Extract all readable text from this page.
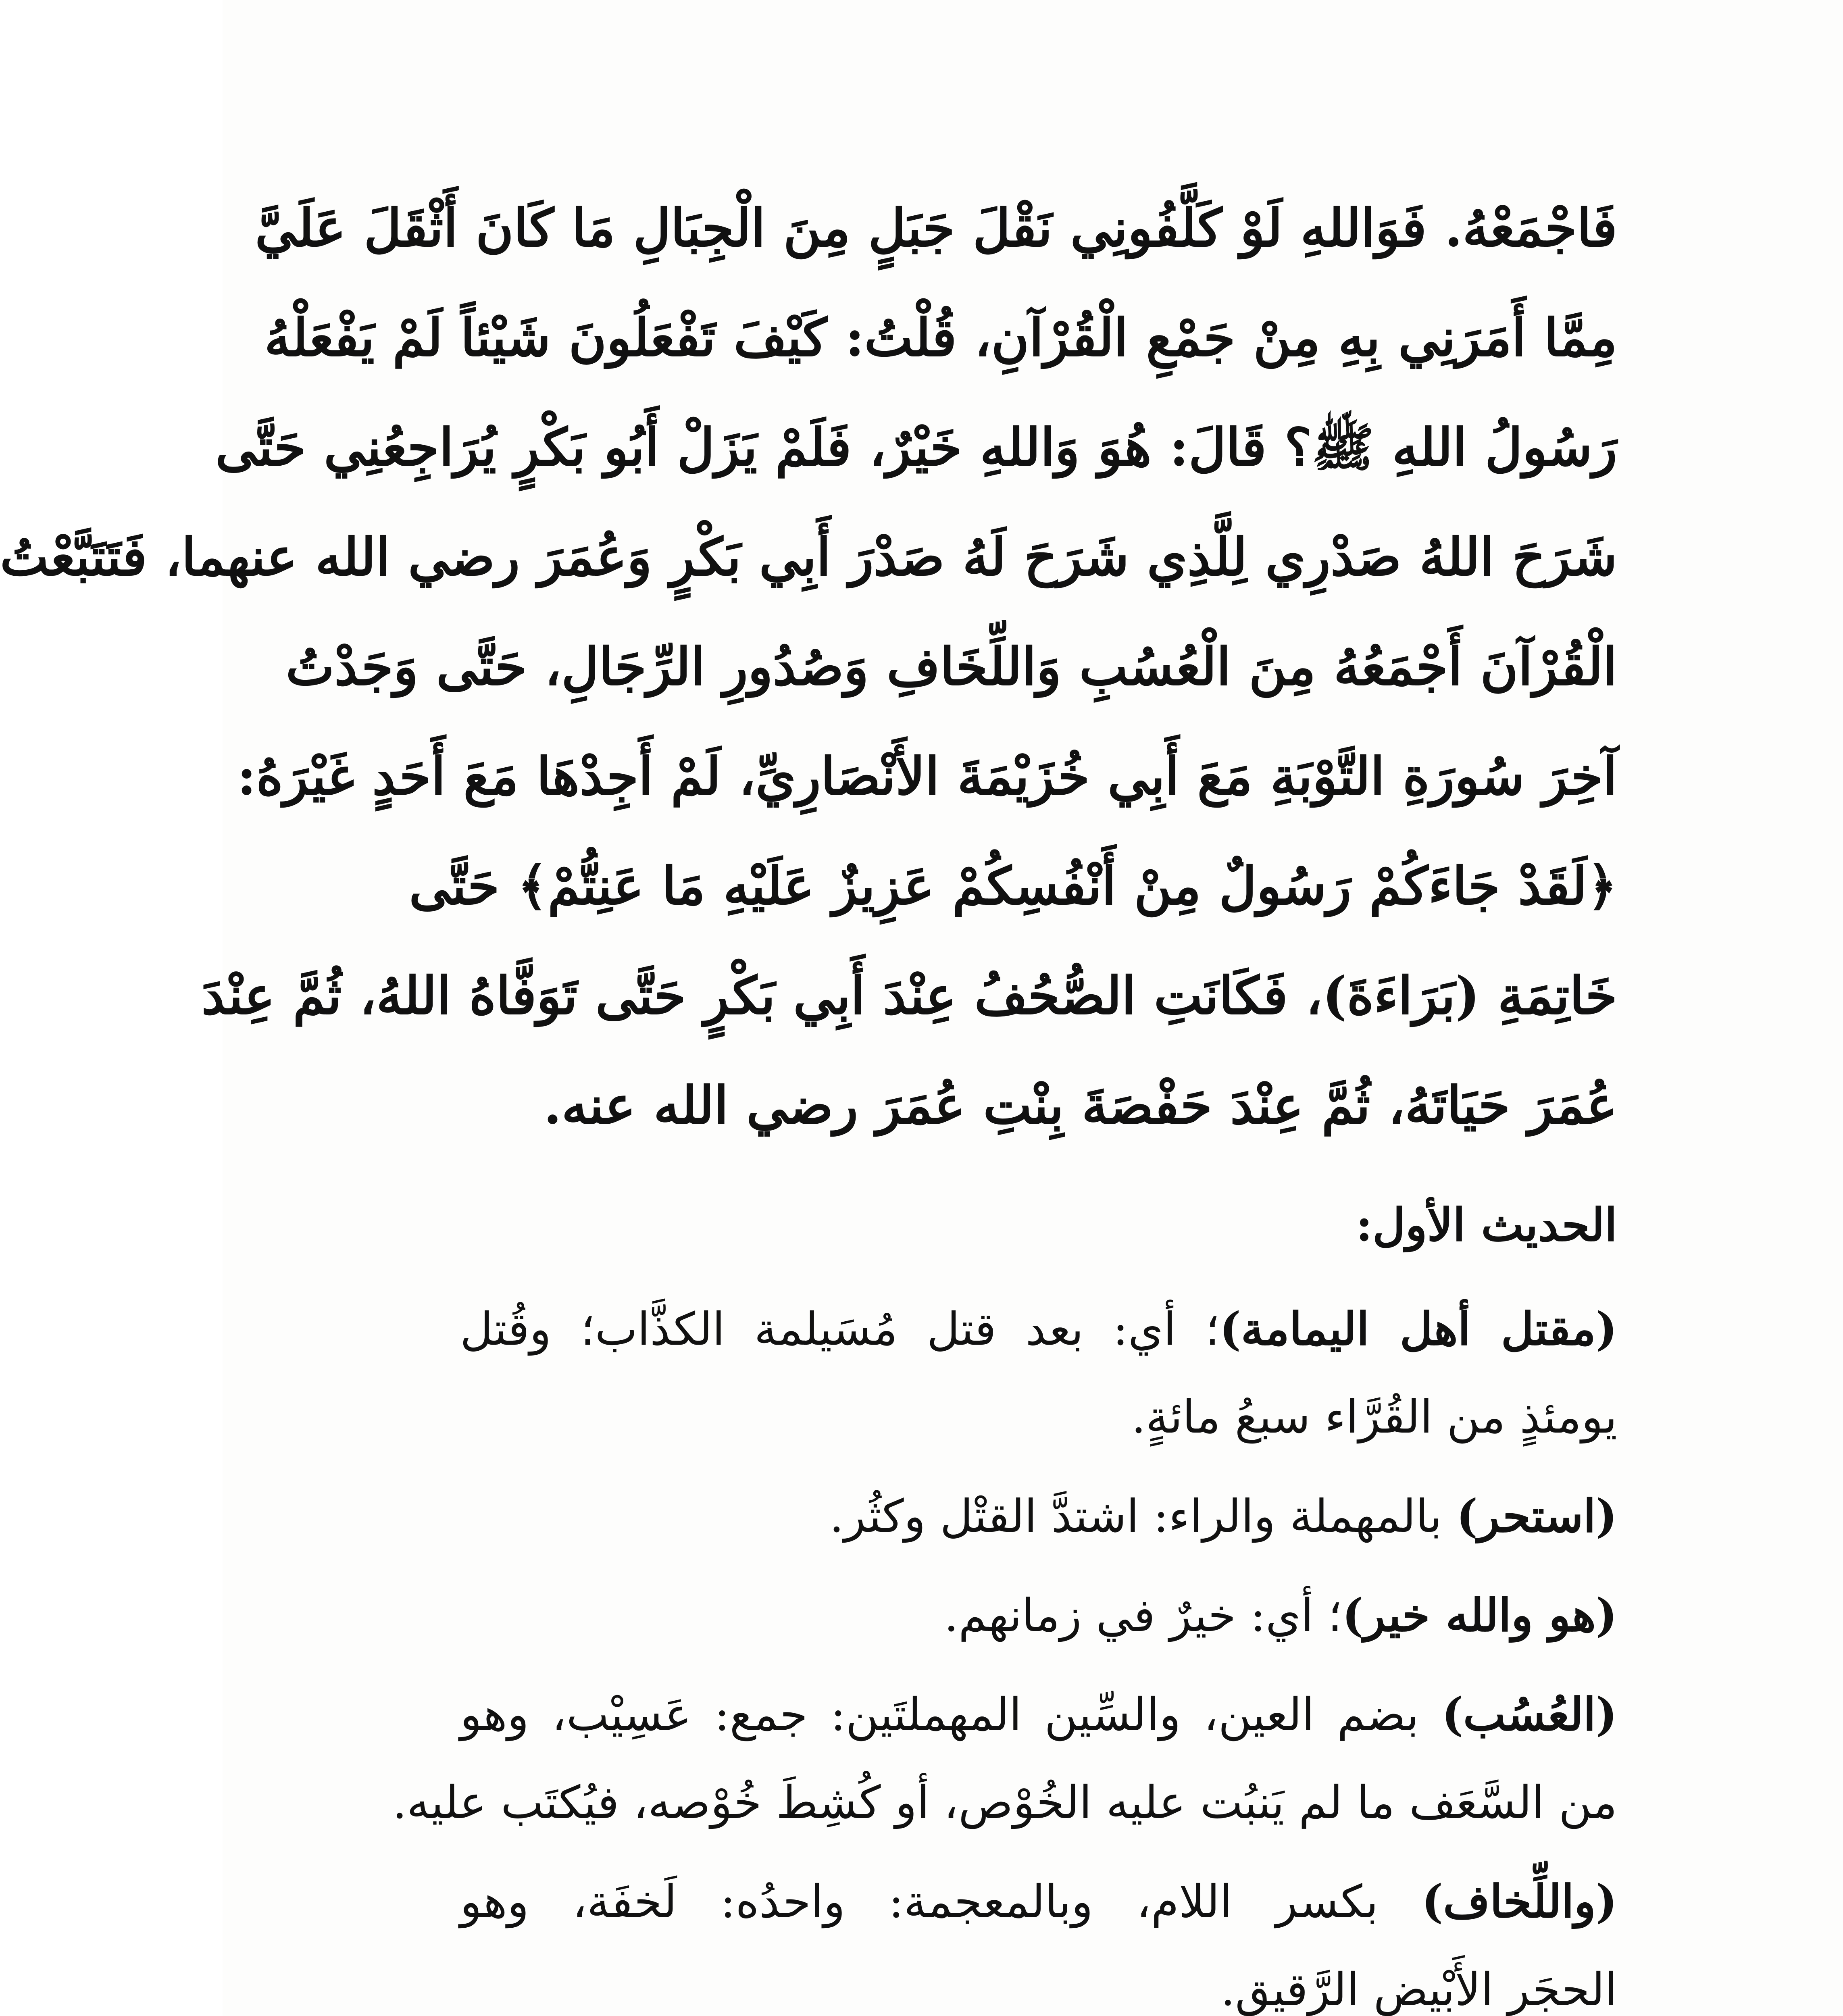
فَاجْمَعْهُ. فَوَاللهِ لَوْ كَلَّفُونِي نَقْلَ جَبَلٍ مِنَ الْجِبَالِ مَا كَانَ أَثْقَلَ عَلَيَّ
مِمَّا أَمَرَنِي بِهِ مِنْ جَمْعِ الْقُرْآنِ، قُلْتُ: كَيْفَ تَفْعَلُونَ شَيْئاً لَمْ يَفْعَلْهُ
رَسُولُ اللهِ ﷺ؟ قَالَ: هُوَ وَاللهِ خَيْرٌ، فَلَمْ يَزَلْ أَبُو بَكْرٍ يُرَاجِعُنِي حَتَّى
شَرَحَ اللهُ صَدْرِي لِلَّذِي شَرَحَ لَهُ صَدْرَ أَبِي بَكْرٍ وَعُمَرَ رضي الله عنهما، فَتَتَبَّعْتُ
الْقُرْآنَ أَجْمَعُهُ مِنَ الْعُسُبِ وَاللِّخَافِ وَصُدُورِ الرِّجَالِ، حَتَّى وَجَدْتُ
آخِرَ سُورَةِ التَّوْبَةِ مَعَ أَبِي خُزَيْمَةَ الأَنْصَارِيِّ، لَمْ أَجِدْهَا مَعَ أَحَدٍ غَيْرَهُ:
﴿لَقَدْ جَاءَكُمْ رَسُولٌ مِنْ أَنْفُسِكُمْ عَزِيزٌ عَلَيْهِ مَا عَنِتُّمْ﴾ حَتَّى
خَاتِمَةِ (بَرَاءَةَ)، فَكَانَتِ الصُّحُفُ عِنْدَ أَبِي بَكْرٍ حَتَّى تَوَفَّاهُ اللهُ، ثُمَّ عِنْدَ
عُمَرَ حَيَاتَهُ، ثُمَّ عِنْدَ حَفْصَةَ بِنْتِ عُمَرَ رضي الله عنه.
الحديث الأول:
(مقتل أهل اليمامة)؛ أي: بعد قتل مُسَيلمة الكذَّاب؛ وقُتل
يومئذٍ من القُرَّاء سبعُ مائةٍ.
(استحر) بالمهملة والراء: اشتدَّ القتْل وكثُر.
(هو والله خير)؛ أي: خيرٌ في زمانهم.
(العُسُب) بضم العين، والسِّين المهملتَين: جمع: عَسِيْب، وهو
من السَّعَف ما لم يَنبُت عليه الخُوْص، أو كُشِطَ خُوْصه، فيُكتَب عليه.
(واللِّخاف) بكسر اللام، وبالمعجمة: واحدُه: لَخفَة، وهو
الحجَر الأَبْيض الرَّقيق.
